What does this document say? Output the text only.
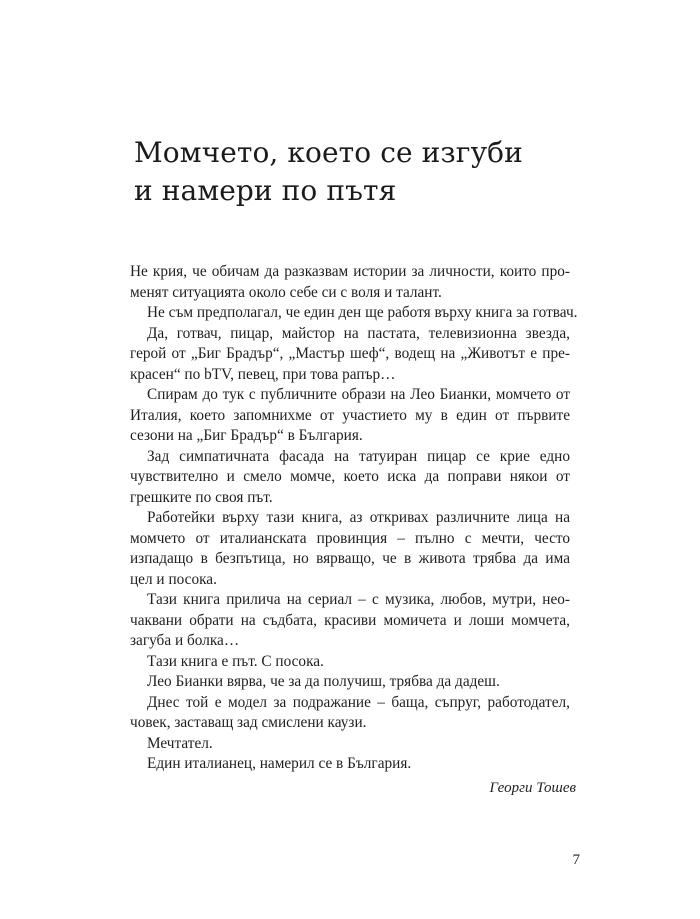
Момчето, което се изгуби
и намери по пътя
Не крия, че обичам да разказвам истории за личности, които про-
менят ситуацията около себе си с воля и талант.
Не съм предполагал, че един ден ще работя върху книга за готвач.
Да, готвач, пицар, майстор на пастата, телевизионна звезда,
герой от „Биг Брадър“, „Мастър шеф“, водещ на „Животът е пре-
красен“ по bTV, певец, при това рапър…
Спирам до тук с публичните образи на Лео Бианки, момчето от
Италия, което запомнихме от участието му в един от първите
сезони на „Биг Брадър“ в България.
Зад симпатичната фасада на татуиран пицар се крие едно
чувствително и смело момче, което иска да поправи някои от
грешките по своя път.
Работейки върху тази книга, аз откривах различните лица на
момчето от италианската провинция – пълно с мечти, често
изпадащо в безпътица, но вярващо, че в живота трябва да има
цел и посока.
Тази книга прилича на сериал – с музика, любов, мутри, нео-
чаквани обрати на съдбата, красиви момичета и лоши момчета,
загуба и болка…
Тази книга е път. С посока.
Лео Бианки вярва, че за да получиш, трябва да дадеш.
Днес той е модел за подражание – баща, съпруг, работодател,
човек, заставащ зад смислени каузи.
Мечтател.
Един италианец, намерил се в България.
Георги Тошев
7
